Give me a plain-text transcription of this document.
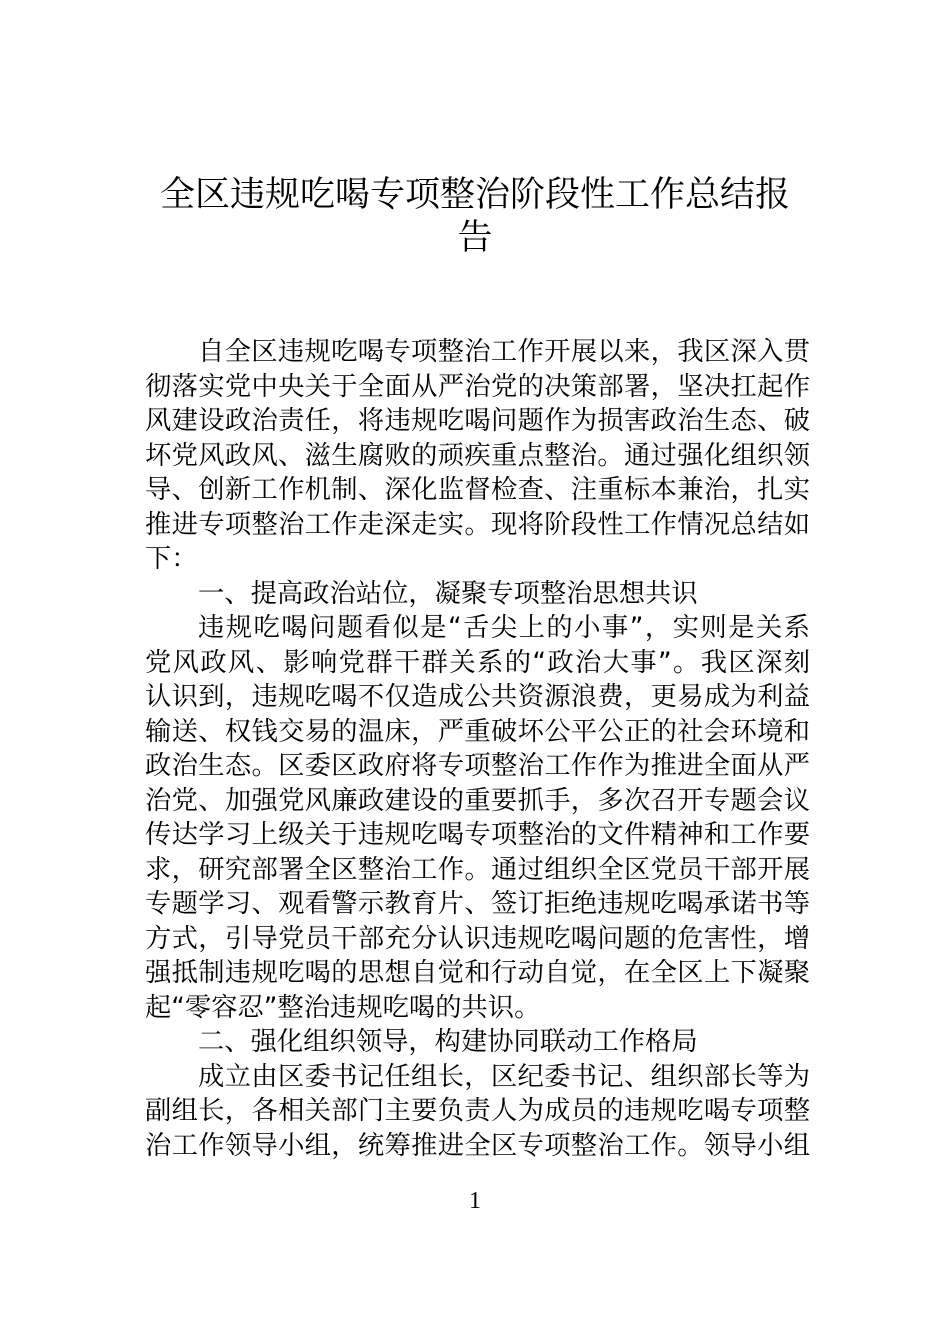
全区违规吃喝专项整治阶段性工作总结报
告
自全区违规吃喝专项整治工作开展以来，我区深入贯
彻落实党中央关于全面从严治党的决策部署，坚决扛起作
风建设政治责任，将违规吃喝问题作为损害政治生态、破
坏党风政风、滋生腐败的顽疾重点整治。通过强化组织领
导、创新工作机制、深化监督检查、注重标本兼治，扎实
推进专项整治工作走深走实。现将阶段性工作情况总结如
下：
一、提高政治站位，凝聚专项整治思想共识
违规吃喝问题看似是“舌尖上的小事”，实则是关系
党风政风、影响党群干群关系的“政治大事”。我区深刻
认识到，违规吃喝不仅造成公共资源浪费，更易成为利益
输送、权钱交易的温床，严重破坏公平公正的社会环境和
政治生态。区委区政府将专项整治工作作为推进全面从严
治党、加强党风廉政建设的重要抓手，多次召开专题会议
传达学习上级关于违规吃喝专项整治的文件精神和工作要
求，研究部署全区整治工作。通过组织全区党员干部开展
专题学习、观看警示教育片、签订拒绝违规吃喝承诺书等
方式，引导党员干部充分认识违规吃喝问题的危害性，增
强抵制违规吃喝的思想自觉和行动自觉，在全区上下凝聚
起“零容忍”整治违规吃喝的共识。
二、强化组织领导，构建协同联动工作格局
成立由区委书记任组长，区纪委书记、组织部长等为
副组长，各相关部门主要负责人为成员的违规吃喝专项整
治工作领导小组，统筹推进全区专项整治工作。领导小组
1
